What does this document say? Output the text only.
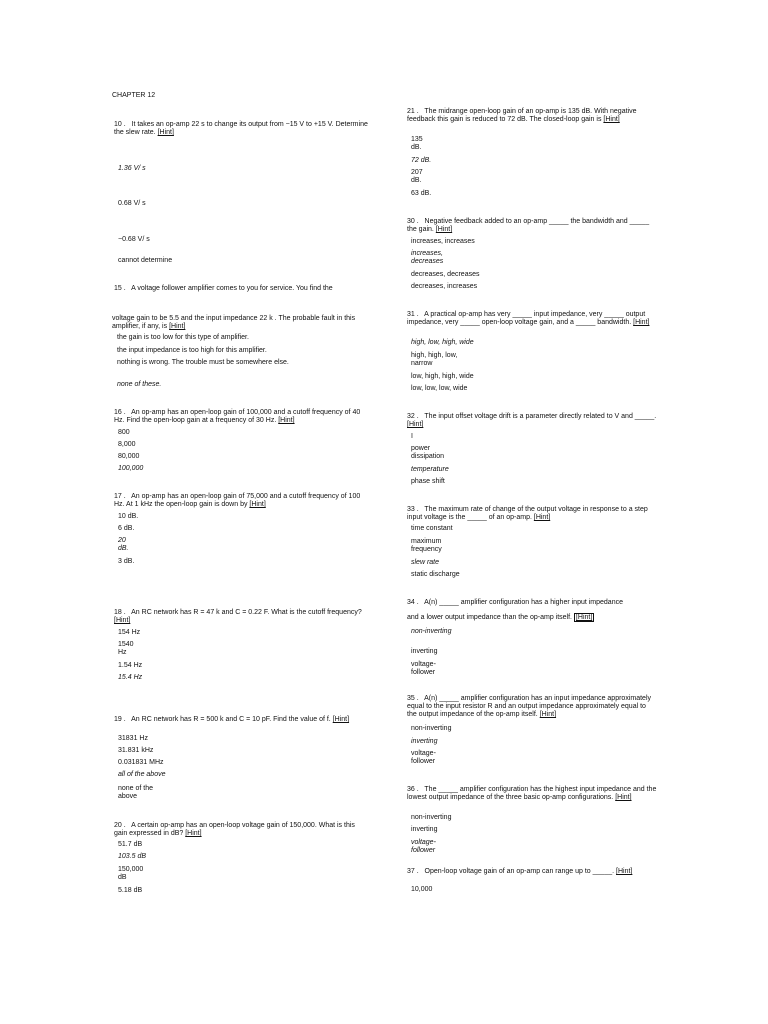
CHAPTER 12
10 . It takes an op-amp 22 s to change its output from −15 V to +15 V. Determine the slew rate. [Hint]
1.36 V/ s
0.68 V/ s
−0.68 V/ s
cannot determine
15 . A voltage follower amplifier comes to you for service. You find the
voltage gain to be 5.5 and the input impedance 22 k . The probable fault in this amplifier, if any, is [Hint]
the gain is too low for this type of amplifier.
the input impedance is too high for this amplifier.
nothing is wrong. The trouble must be somewhere else.
none of these.
16 . An op-amp has an open-loop gain of 100,000 and a cutoff frequency of 40 Hz. Find the open-loop gain at a frequency of 30 Hz. [Hint]
800
8,000
80,000
100,000
17 . An op-amp has an open-loop gain of 75,000 and a cutoff frequency of 100 Hz. At 1 kHz the open-loop gain is down by [Hint]
10 dB.
6 dB.
20 dB.
3 dB.
18 . An RC network has R = 47 k and C = 0.22 F. What is the cutoff frequency? [Hint]
154 Hz
1540 Hz
1.54 Hz
15.4 Hz
19 . An RC network has R = 500 k and C = 10 pF. Find the value of f. [Hint]
31831 Hz
31.831 kHz
0.031831 MHz
all of the above
none of the above
20 . A certain op-amp has an open-loop voltage gain of 150,000. What is this gain expressed in dB? [Hint]
51.7 dB
103.5 dB
150,000 dB
5.18 dB
21 . The midrange open-loop gain of an op-amp is 135 dB. With negative feedback this gain is reduced to 72 dB. The closed-loop gain is [Hint]
135 dB.
72 dB.
207 dB.
63 dB.
30 . Negative feedback added to an op-amp _____ the bandwidth and _____ the gain. [Hint]
increases, increases
increases, decreases
decreases, decreases
decreases, increases
31 . A practical op-amp has very _____ input impedance, very _____ output impedance, very _____ open-loop voltage gain, and a _____ bandwidth. [Hint]
high, low, high, wide
high, high, low, narrow
low, high, high, wide
low, low, low, wide
32 . The input offset voltage drift is a parameter directly related to V and _____. [Hint]
I
power dissipation
temperature
phase shift
33 . The maximum rate of change of the output voltage in response to a step input voltage is the _____ of an op-amp. [Hint]
time constant
maximum frequency
slew rate
static discharge
34 . A(n) _____ amplifier configuration has a higher input impedance
and a lower output impedance than the op-amp itself. [Hint]
non-inverting
inverting
voltage-follower
35 . A(n) _____ amplifier configuration has an input impedance approximately equal to the input resistor R and an output impedance approximately equal to the output impedance of the op-amp itself. [Hint]
non-inverting
inverting
voltage-follower
36 . The _____ amplifier configuration has the highest input impedance and the lowest output impedance of the three basic op-amp configurations. [Hint]
non-inverting
inverting
voltage-follower
37 . Open-loop voltage gain of an op-amp can range up to _____. [Hint]
10,000
